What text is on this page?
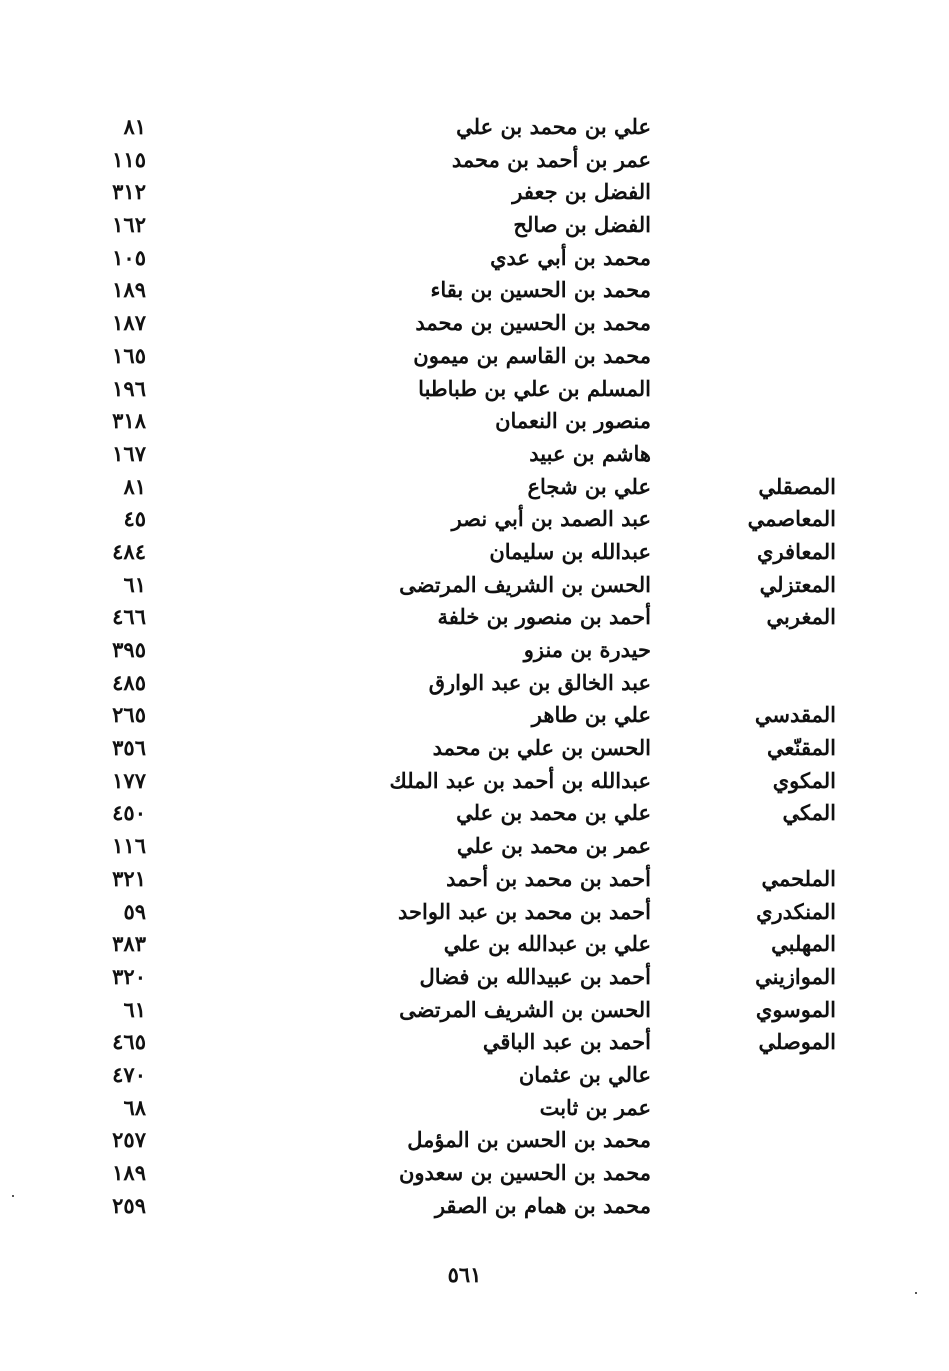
علي بن محمد بن علي
٨١
عمر بن أحمد بن محمد
١١٥
الفضل بن جعفر
٣١٢
الفضل بن صالح
١٦٢
محمد بن أبي عدي
١٠٥
محمد بن الحسين بن بقاء
١٨٩
محمد بن الحسين بن محمد
١٨٧
محمد بن القاسم بن ميمون
١٦٥
المسلم بن علي بن طباطبا
١٩٦
منصور بن النعمان
٣١٨
هاشم بن عبيد
١٦٧
المصقلي
علي بن شجاع
٨١
المعاصمي
عبد الصمد بن أبي نصر
٤٥
المعافري
عبدالله بن سليمان
٤٨٤
المعتزلي
الحسن بن الشريف المرتضى
٦١
المغربي
أحمد بن منصور بن خلفة
٤٦٦
حيدرة بن منزو
٣٩٥
عبد الخالق بن عبد الوارق
٤٨٥
المقدسي
علي بن طاهر
٢٦٥
المقنّعي
الحسن بن علي بن محمد
٣٥٦
المكوي
عبدالله بن أحمد بن عبد الملك
١٧٧
المكي
علي بن محمد بن علي
٤٥٠
عمر بن محمد بن علي
١١٦
الملحمي
أحمد بن محمد بن أحمد
٣٢١
المنكدري
أحمد بن محمد بن عبد الواحد
٥٩
المهلبي
علي بن عبدالله بن علي
٣٨٣
الموازيني
أحمد بن عبيدالله بن فضال
٣٢٠
الموسوي
الحسن بن الشريف المرتضى
٦١
الموصلي
أحمد بن عبد الباقي
٤٦٥
عالي بن عثمان
٤٧٠
عمر بن ثابت
٦٨
محمد بن الحسن بن المؤمل
٢٥٧
محمد بن الحسين بن سعدون
١٨٩
محمد بن همام بن الصقر
٢٥٩
٥٦١
